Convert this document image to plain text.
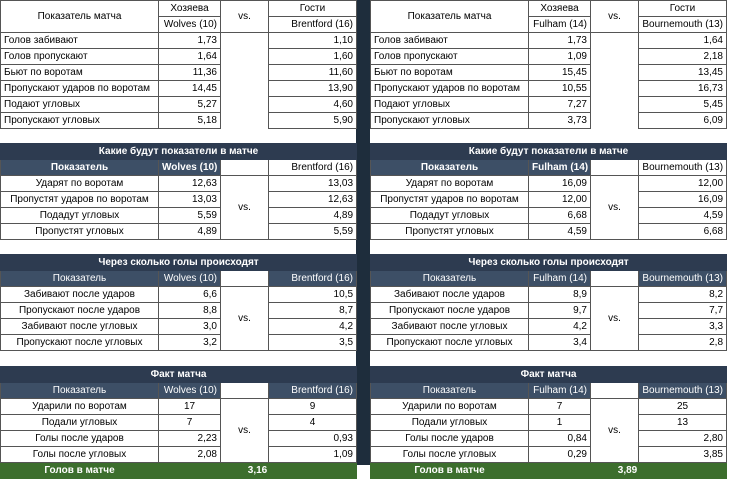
Показатель матча	Хозяева	vs.	Гости
	Wolves (10)		Brentford (16)
Голов забивают	1,73		1,10
Голов пропускают	1,64		1,60
Бьют по воротам	11,36		11,60
Пропускают ударов по воротам	14,45		13,90
Подают угловых	5,27		4,60
Пропускают угловых	5,18		5,90
Какие будут показатели в матче			
Показатель	Wolves (10)		Brentford (16)
Ударят по воротам	12,63	vs.	13,03
Пропустят ударов по воротам	13,03		12,63
Подадут угловых	5,59		4,89
Пропустят угловых	4,89		5,59
Через сколько голы происходят			
Показатель	Wolves (10)		Brentford (16)
Забивают после ударов	6,6	vs.	10,5
Пропускают после ударов	8,8		8,7
Забивают после угловых	3,0		4,2
Пропускают после угловых	3,2		3,5
Факт матча			
Показатель	Wolves (10)		Brentford (16)
Ударили по воротам	17	vs.	9
Подали угловых	7		4
Голы после ударов	2,23		0,93
Голы после угловых	2,08		1,09
Голов в матче	3,16		
Показатель матча	Хозяева	vs.	Гости
	Fulham (14)		Bournemouth (13)
Голов забивают	1,73		1,64
Голов пропускают	1,09		2,18
Бьют по воротам	15,45		13,45
Пропускают ударов по воротам	10,55		16,73
Подают угловых	7,27		5,45
Пропускают угловых	3,73		6,09
Какие будут показатели в матче			
Показатель	Fulham (14)		Bournemouth (13)
Ударят по воротам	16,09	vs.	12,00
Пропустят ударов по воротам	12,00		16,09
Подадут угловых	6,68		4,59
Пропустят угловых	4,59		6,68
Через сколько голы происходят			
Показатель	Fulham (14)		Bournemouth (13)
Забивают после ударов	8,9	vs.	8,2
Пропускают после ударов	9,7		7,7
Забивают после угловых	4,2		3,3
Пропускают после угловых	3,4		2,8
Факт матча			
Показатель	Fulham (14)		Bournemouth (13)
Ударили по воротам	7	vs.	25
Подали угловых	1		13
Голы после ударов	0,84		2,80
Голы после угловых	0,29		3,85
Голов в матче	3,89		
